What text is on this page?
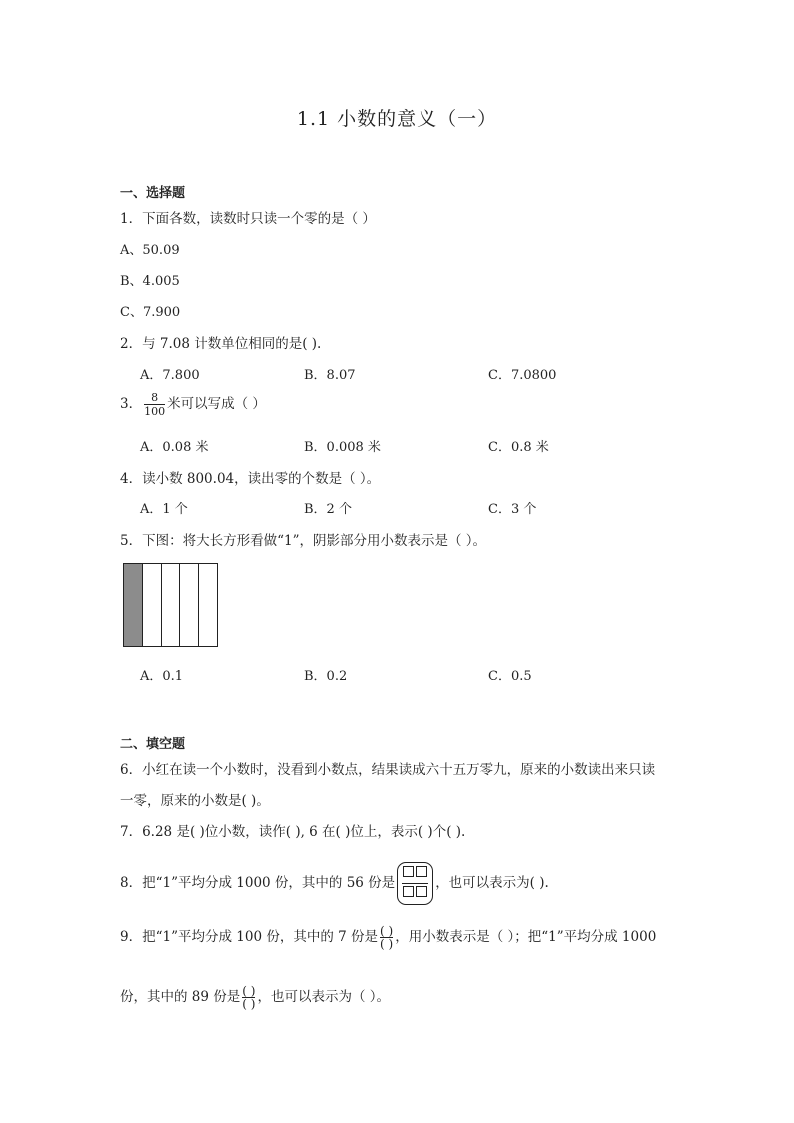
1.1 小数的意义（一）
一、选择题
1．下面各数，读数时只读一个零的是（ ）
A、50.09
B、4.005
C、7.900
2．与 7.08 计数单位相同的是( ).
A．7.800	B．8.07	C．7.0800
3． $\frac{8}{100}$ 米可以写成（ ）
A．0.08 米	B．0.008 米	C．0.8 米
4．读小数 800.04，读出零的个数是（ ）。
A．1 个	B．2 个	C．3 个
5．下图：将大长方形看做“1”，阴影部分用小数表示是（ ）。
A．0.1	B．0.2	C．0.5
二、填空题
6．小红在读一个小数时，没看到小数点，结果读成六十五万零九，原来的小数读出来只读
一零，原来的小数是( )。
7．6.28 是( )位小数，读作( ), 6 在( )位上，表示( )个( ).
8．把“1”平均分成 1000 份，其中的 56 份是	，也可以表示为( ).
9．把“1”平均分成 100 份，其中的 7 份是 ( )
( ) ，用小数表示是（ ）；把“1”平均分成 1000
份，其中的 89 份是 ( )
( ) ，也可以表示为（ ）。
